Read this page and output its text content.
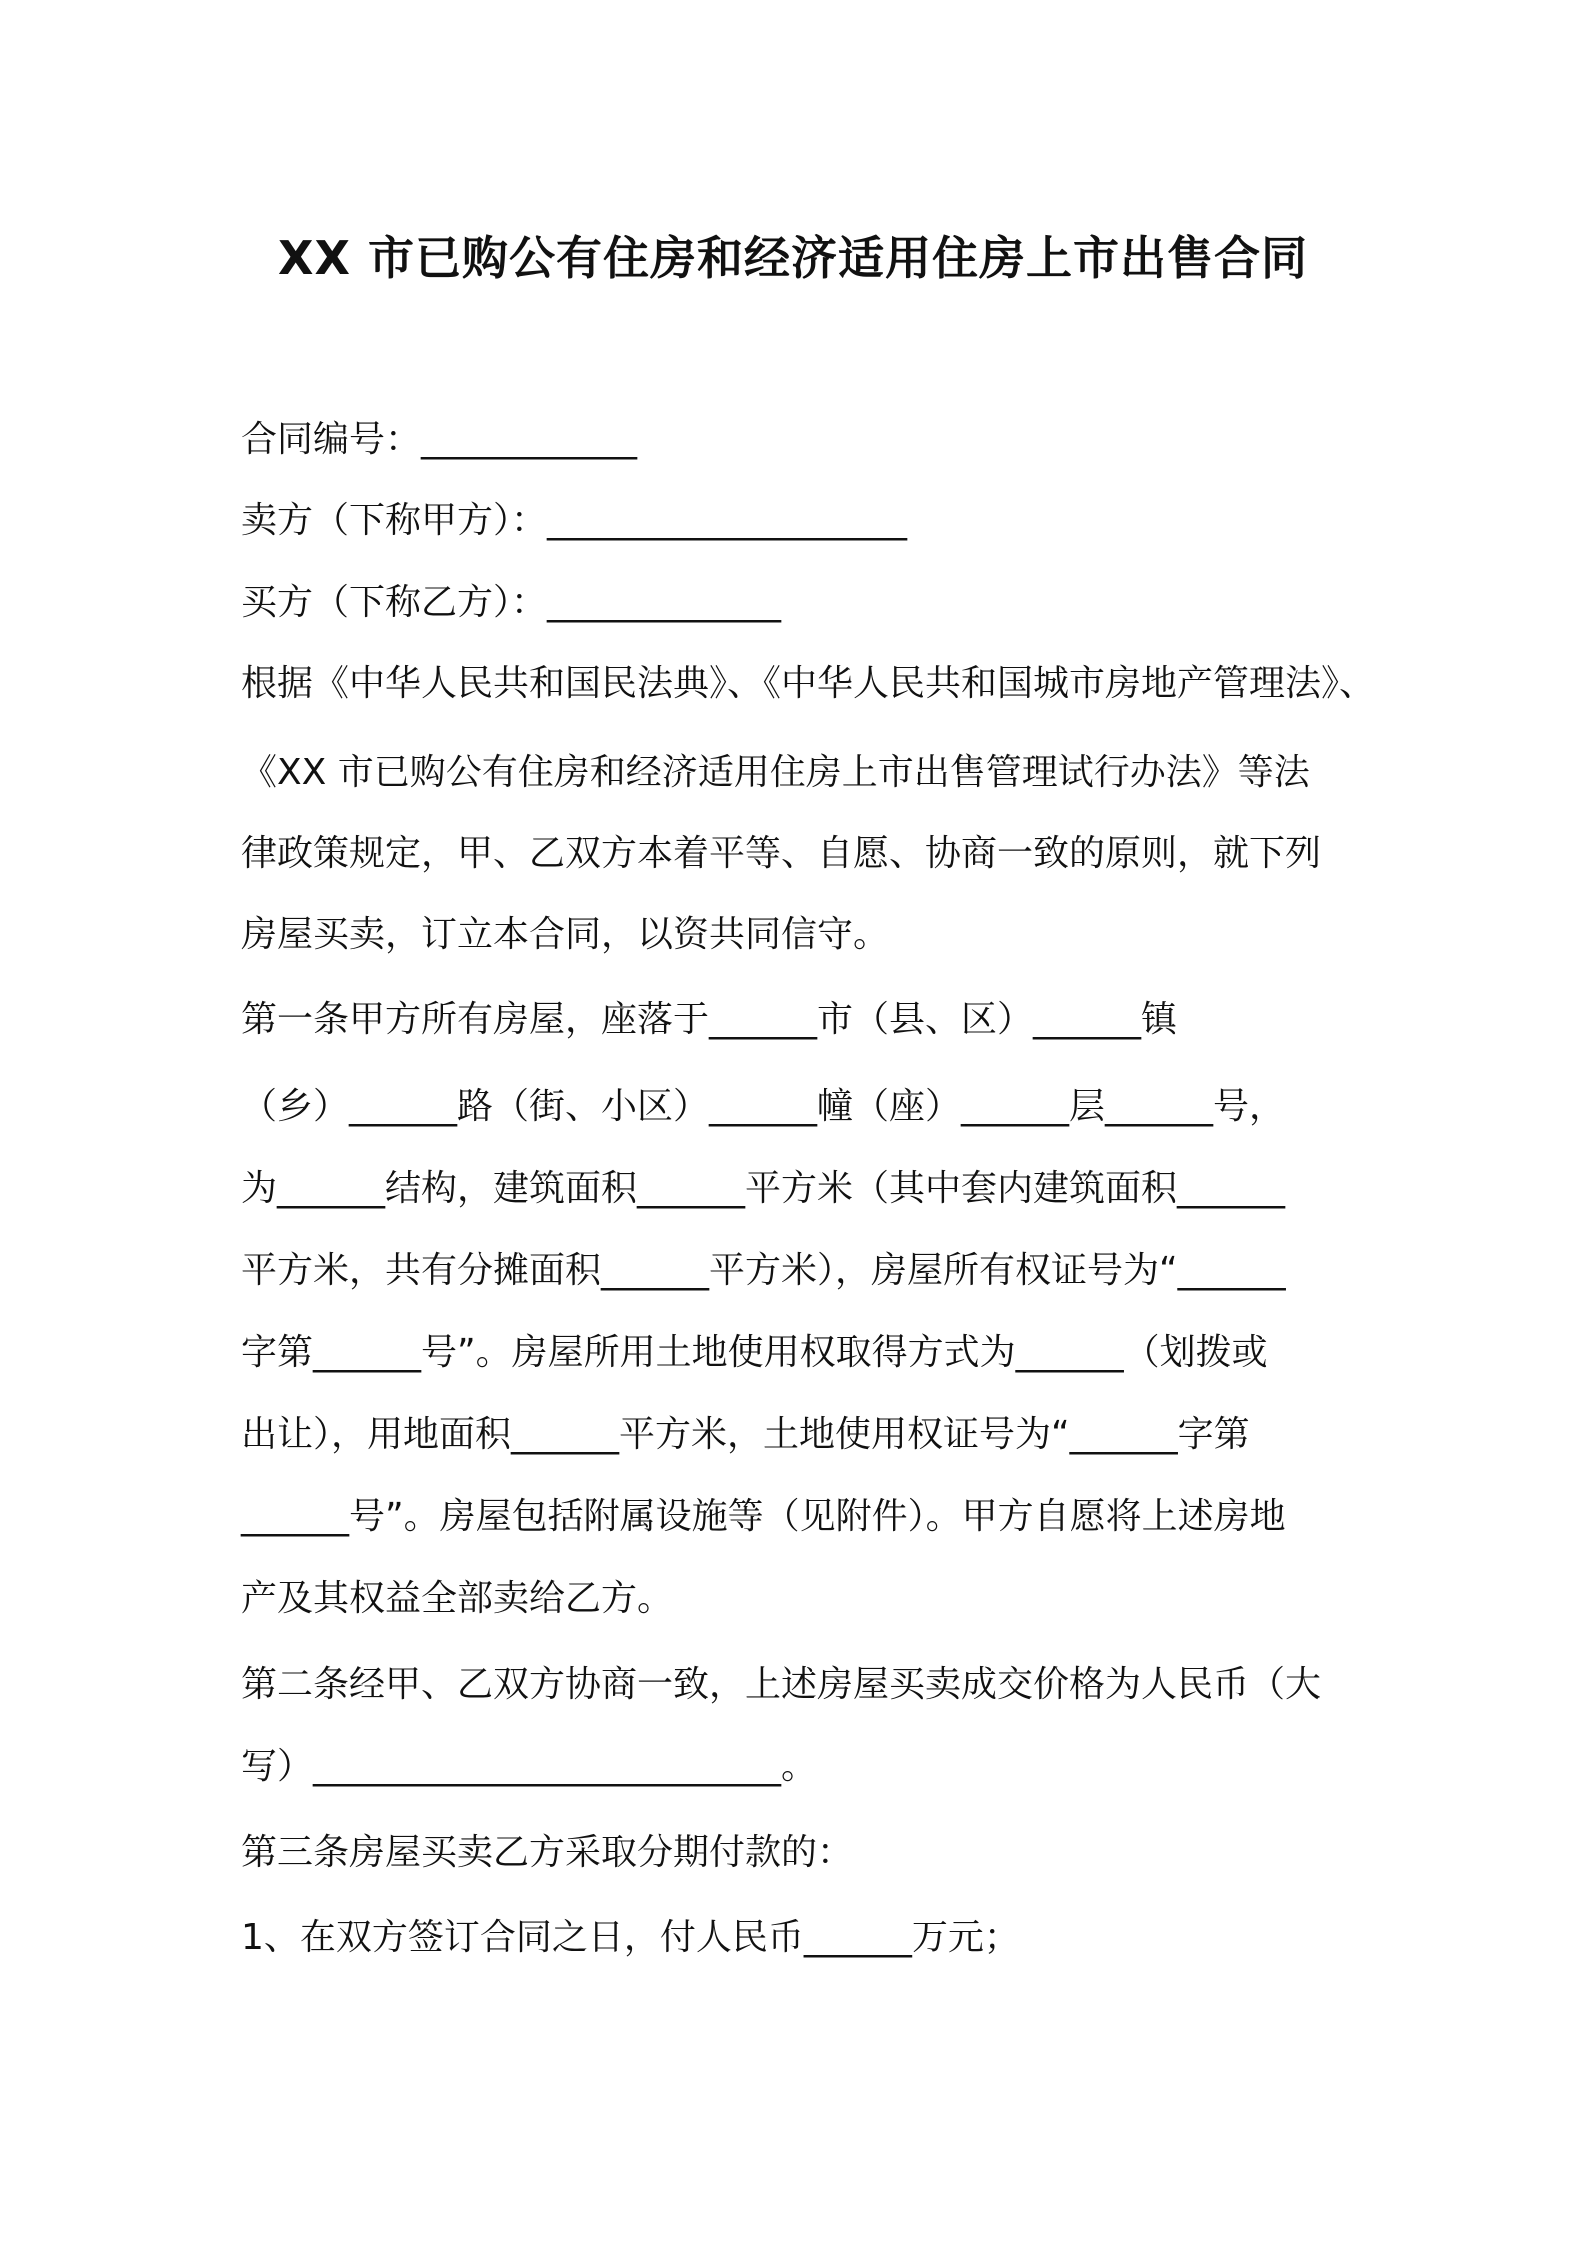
XX 市已购公有住房和经济适用住房上市出售合同

合同编号：____________

卖方（下称甲方）：____________________

买方（下称乙方）：_____________

根据《中华人民共和国民法典》、《中华人民共和国城市房地产管理法》、

《XX 市已购公有住房和经济适用住房上市出售管理试行办法》等法

律政策规定，甲、乙双方本着平等、自愿、协商一致的原则，就下列

房屋买卖，订立本合同，以资共同信守。

第一条甲方所有房屋，座落于______市（县、区）______镇

（乡）______路（街、小区）______幢（座）______层______号，

为______结构，建筑面积______平方米（其中套内建筑面积______

平方米，共有分摊面积______平方米），房屋所有权证号为“______

字第______号”。房屋所用土地使用权取得方式为______（划拨或

出让），用地面积______平方米，土地使用权证号为“______字第

______号”。房屋包括附属设施等（见附件）。甲方自愿将上述房地

产及其权益全部卖给乙方。

第二条经甲、乙双方协商一致，上述房屋买卖成交价格为人民币（大

写）__________________________。

第三条房屋买卖乙方采取分期付款的：

1、在双方签订合同之日，付人民币______万元；
